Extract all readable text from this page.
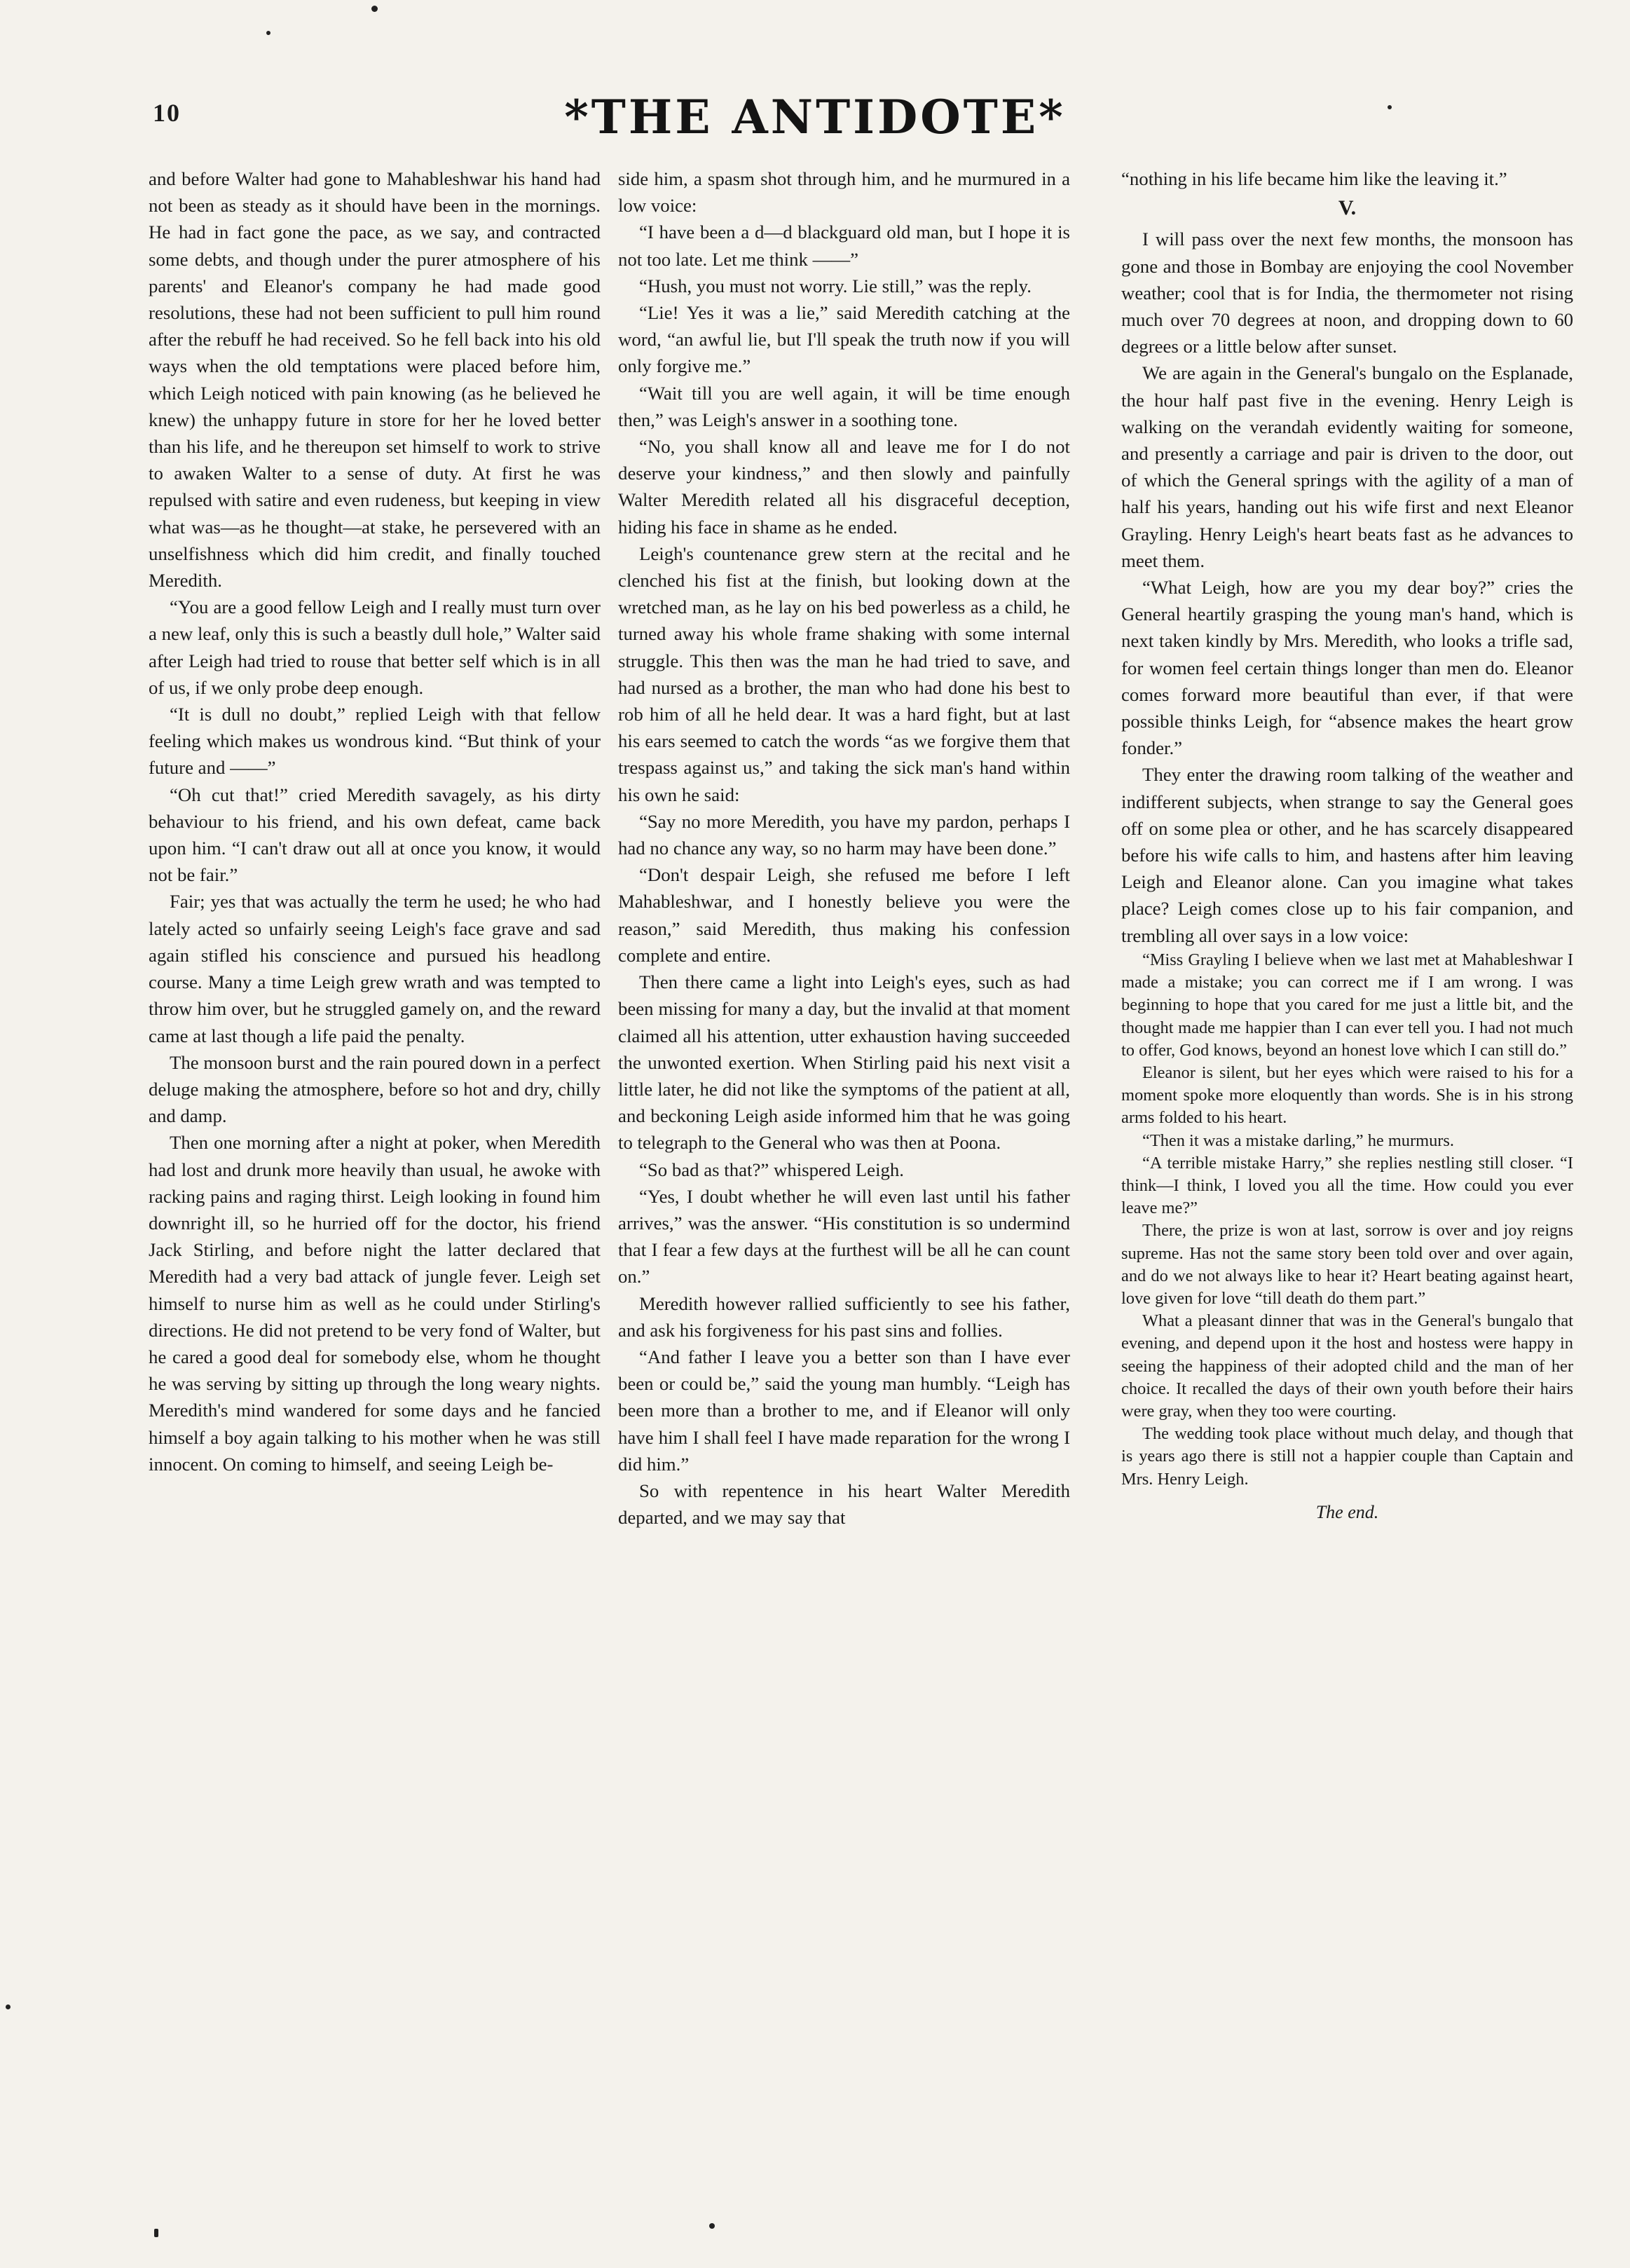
10	*THE ANTIDOTE*

and before Walter had gone to Mahableshwar his hand had not been as steady as it should have been in the mornings. He had in fact gone the pace, as we say, and contracted some debts, and though under the purer atmosphere of his parents' and Eleanor's company he had made good resolutions, these had not been sufficient to pull him round after the rebuff he had received. So he fell back into his old ways when the old temptations were placed before him, which Leigh noticed with pain knowing (as he believed he knew) the unhappy future in store for her he loved better than his life, and he thereupon set himself to work to strive to awaken Walter to a sense of duty. At first he was repulsed with satire and even rudeness, but keeping in view what was—as he thought—at stake, he persevered with an unselfishness which did him credit, and finally touched Meredith.

“You are a good fellow Leigh and I really must turn over a new leaf, only this is such a beastly dull hole,” Walter said after Leigh had tried to rouse that better self which is in all of us, if we only probe deep enough.

“It is dull no doubt,” replied Leigh with that fellow feeling which makes us wondrous kind. “But think of your future and ——”

“Oh cut that!” cried Meredith savagely, as his dirty behaviour to his friend, and his own defeat, came back upon him. “I can't draw out all at once you know, it would not be fair.”

Fair; yes that was actually the term he used; he who had lately acted so unfairly seeing Leigh's face grave and sad again stifled his conscience and pursued his headlong course. Many a time Leigh grew wrath and was tempted to throw him over, but he struggled gamely on, and the reward came at last though a life paid the penalty.

The monsoon burst and the rain poured down in a perfect deluge making the atmosphere, before so hot and dry, chilly and damp.

Then one morning after a night at poker, when Meredith had lost and drunk more heavily than usual, he awoke with racking pains and raging thirst. Leigh looking in found him downright ill, so he hurried off for the doctor, his friend Jack Stirling, and before night the latter declared that Meredith had a very bad attack of jungle fever. Leigh set himself to nurse him as well as he could under Stirling's directions. He did not pretend to be very fond of Walter, but he cared a good deal for somebody else, whom he thought he was serving by sitting up through the long weary nights. Meredith's mind wandered for some days and he fancied himself a boy again talking to his mother when he was still innocent. On coming to himself, and seeing Leigh be-

side him, a spasm shot through him, and he murmured in a low voice:

“I have been a d—d blackguard old man, but I hope it is not too late. Let me think ——”

“Hush, you must not worry. Lie still,” was the reply.

“Lie! Yes it was a lie,” said Meredith catching at the word, “an awful lie, but I'll speak the truth now if you will only forgive me.”

“Wait till you are well again, it will be time enough then,” was Leigh's answer in a soothing tone.

“No, you shall know all and leave me for I do not deserve your kindness,” and then slowly and painfully Walter Meredith related all his disgraceful deception, hiding his face in shame as he ended.

Leigh's countenance grew stern at the recital and he clenched his fist at the finish, but looking down at the wretched man, as he lay on his bed powerless as a child, he turned away his whole frame shaking with some internal struggle. This then was the man he had tried to save, and had nursed as a brother, the man who had done his best to rob him of all he held dear. It was a hard fight, but at last his ears seemed to catch the words “as we forgive them that trespass against us,” and taking the sick man's hand within his own he said:

“Say no more Meredith, you have my pardon, perhaps I had no chance any way, so no harm may have been done.”

“Don't despair Leigh, she refused me before I left Mahableshwar, and I honestly believe you were the reason,” said Meredith, thus making his confession complete and entire.

Then there came a light into Leigh's eyes, such as had been missing for many a day, but the invalid at that moment claimed all his attention, utter exhaustion having succeeded the unwonted exertion. When Stirling paid his next visit a little later, he did not like the symptoms of the patient at all, and beckoning Leigh aside informed him that he was going to telegraph to the General who was then at Poona.

“So bad as that?” whispered Leigh.

“Yes, I doubt whether he will even last until his father arrives,” was the answer. “His constitution is so undermind that I fear a few days at the furthest will be all he can count on.”

Meredith however rallied sufficiently to see his father, and ask his forgiveness for his past sins and follies.

“And father I leave you a better son than I have ever been or could be,” said the young man humbly. “Leigh has been more than a brother to me, and if Eleanor will only have him I shall feel I have made reparation for the wrong I did him.”

So with repentence in his heart Walter Meredith departed, and we may say that

“nothing in his life became him like the leaving it.”

V.

I will pass over the next few months, the monsoon has gone and those in Bombay are enjoying the cool November weather; cool that is for India, the thermometer not rising much over 70 degrees at noon, and dropping down to 60 degrees or a little below after sunset.

We are again in the General's bungalo on the Esplanade, the hour half past five in the evening. Henry Leigh is walking on the verandah evidently waiting for someone, and presently a carriage and pair is driven to the door, out of which the General springs with the agility of a man of half his years, handing out his wife first and next Eleanor Grayling. Henry Leigh's heart beats fast as he advances to meet them.

“What Leigh, how are you my dear boy?” cries the General heartily grasping the young man's hand, which is next taken kindly by Mrs. Meredith, who looks a trifle sad, for women feel certain things longer than men do. Eleanor comes forward more beautiful than ever, if that were possible thinks Leigh, for “absence makes the heart grow fonder.”

They enter the drawing room talking of the weather and indifferent subjects, when strange to say the General goes off on some plea or other, and he has scarcely disappeared before his wife calls to him, and hastens after him leaving Leigh and Eleanor alone. Can you imagine what takes place? Leigh comes close up to his fair companion, and trembling all over says in a low voice:

“Miss Grayling I believe when we last met at Mahableshwar I made a mistake; you can correct me if I am wrong. I was beginning to hope that you cared for me just a little bit, and the thought made me happier than I can ever tell you. I had not much to offer, God knows, beyond an honest love which I can still do.”

Eleanor is silent, but her eyes which were raised to his for a moment spoke more eloquently than words. She is in his strong arms folded to his heart.

“Then it was a mistake darling,” he murmurs.

“A terrible mistake Harry,” she replies nestling still closer. “I think—I think, I loved you all the time. How could you ever leave me?”

There, the prize is won at last, sorrow is over and joy reigns supreme. Has not the same story been told over and over again, and do we not always like to hear it? Heart beating against heart, love given for love “till death do them part.”

What a pleasant dinner that was in the General's bungalo that evening, and depend upon it the host and hostess were happy in seeing the happiness of their adopted child and the man of her choice. It recalled the days of their own youth before their hairs were gray, when they too were courting.

The wedding took place without much delay, and though that is years ago there is still not a happier couple than Captain and Mrs. Henry Leigh.

The end.
